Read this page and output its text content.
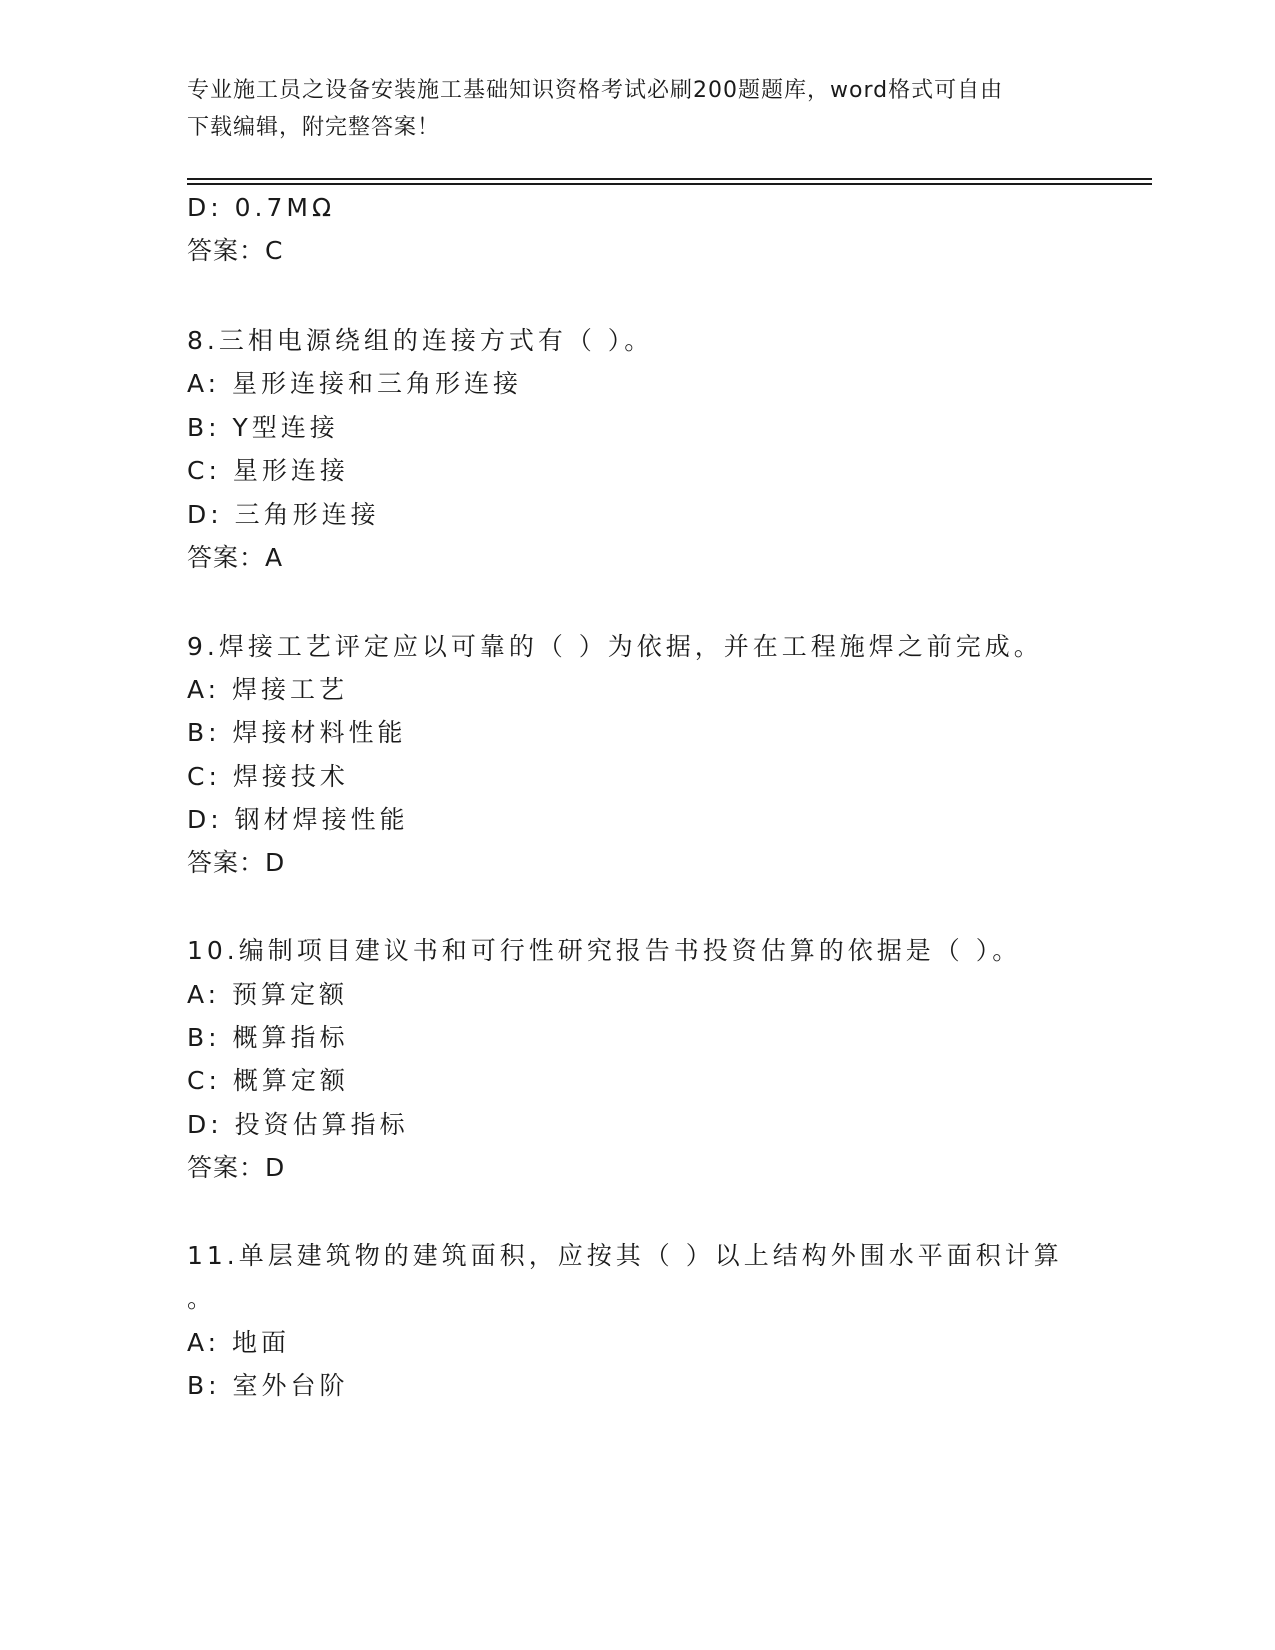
专业施工员之设备安装施工基础知识资格考试必刷200题题库，word格式可自由
下载编辑，附完整答案！
D: 0.7MΩ
答案：C
8.三相电源绕组的连接方式有（ ）。
A: 星形连接和三角形连接
B: Y型连接
C: 星形连接
D: 三角形连接
答案：A
9.焊接工艺评定应以可靠的（ ）为依据，并在工程施焊之前完成。
A: 焊接工艺
B: 焊接材料性能
C: 焊接技术
D: 钢材焊接性能
答案：D
10.编制项目建议书和可行性研究报告书投资估算的依据是（ ）。
A: 预算定额
B: 概算指标
C: 概算定额
D: 投资估算指标
答案：D
11.单层建筑物的建筑面积，应按其（ ）以上结构外围水平面积计算
。
A: 地面
B: 室外台阶
